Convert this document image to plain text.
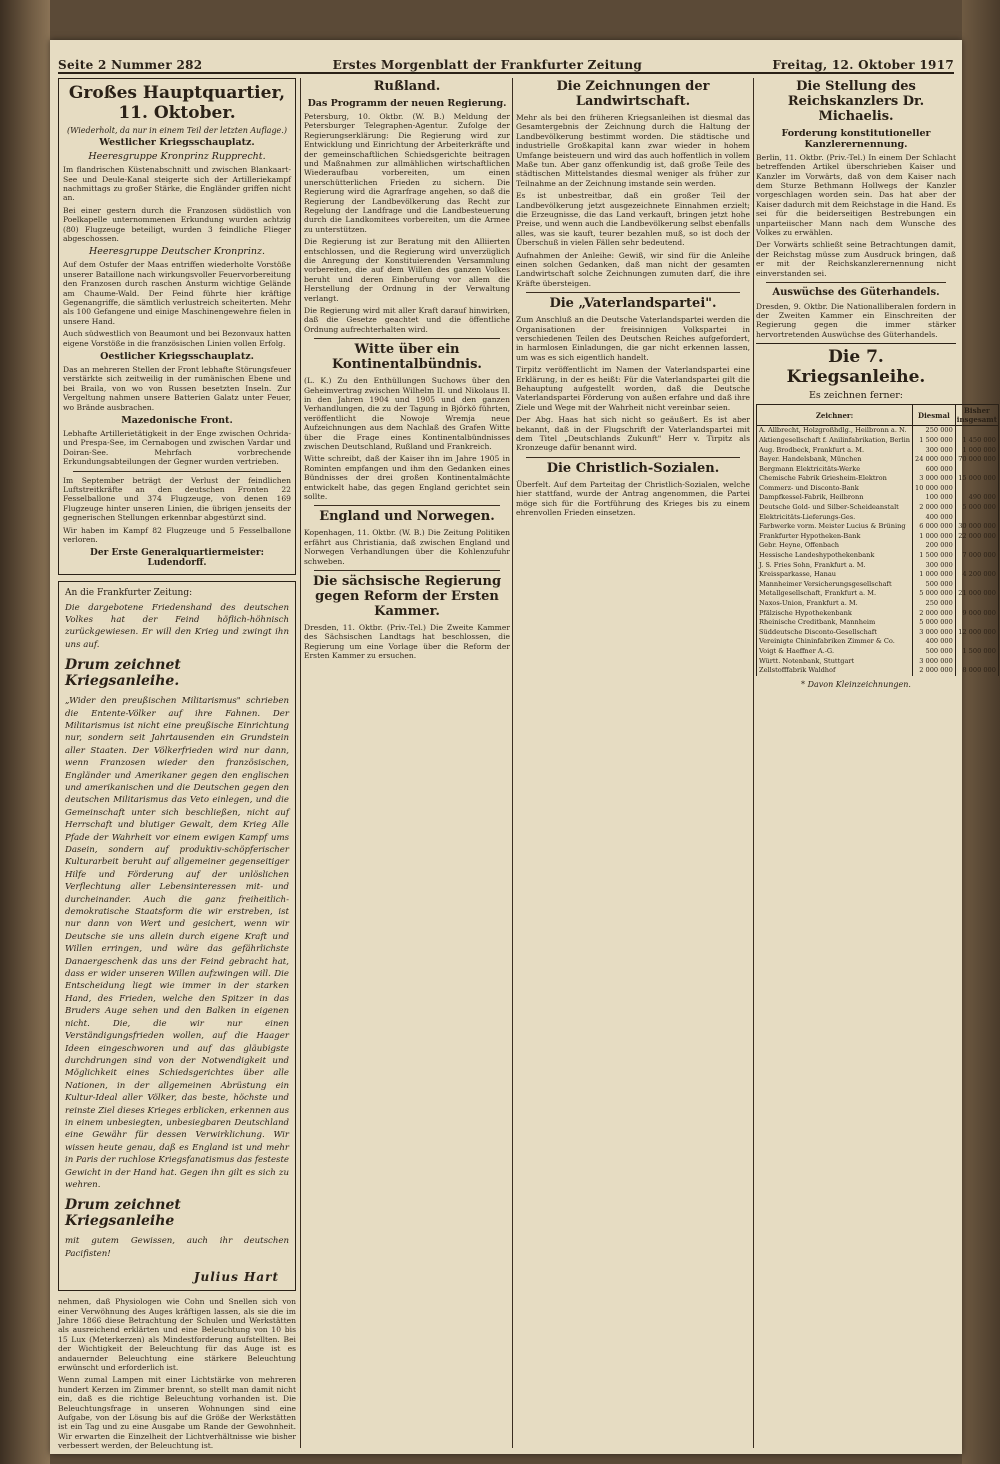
Seite 2 Nummer 282	Erstes Morgenblatt der Frankfurter Zeitung	Freitag, 12. Oktober 1917
Großes Hauptquartier, 11. Oktober.
(Wiederholt, da nur in einem Teil der letzten Auflage.)
Westlicher Kriegsschauplatz.
Heeresgruppe Kronprinz Rupprecht.

Im flandrischen Küstenabschnitt und zwischen Blankaart-See und Deule-Kanal steigerte sich der Artilleriekampf nachmittags zu großer Stärke, die Engländer griffen nicht an.

Bei einer gestern durch die Franzosen südöstlich von Poelkapelle unternommenen Erkundung wurden achtzig (80) Flugzeuge beteiligt, wurden 3 feindliche Flieger abgeschossen.

Heeresgruppe Deutscher Kronprinz.

Auf dem Ostufer der Maas entriffen wiederholte Vorstöße unserer Bataillone nach wirkungsvoller Feuervorbereitung den Franzosen durch raschen Ansturm wichtige Gelände am Chaume-Wald. Der Feind führte hier kräftige Gegenangriffe, die sämtlich verlustreich scheiterten. Mehr als 100 Gefangene und einige Maschinengewehre fielen in unsere Hand.

Auch südwestlich von Beaumont und bei Bezonvaux hatten eigene Vorstöße in die französischen Linien vollen Erfolg.

Oestlicher Kriegsschauplatz.

Das an mehreren Stellen der Front lebhafte Störungsfeuer verstärkte sich zeitweilig in der rumänischen Ebene und bei Braila, von wo von Russen besetzten Inseln. Zur Vergeltung nahmen unsere Batterien Galatz unter Feuer, wo Brände ausbrachen.

Mazedonische Front.

Lebhafte Artillerietätigkeit in der Enge zwischen Ochrida- und Prespa-See, im Cernabogen und zwischen Vardar und Doiran-See. Mehrfach vorbrechende Erkundungsabteilungen der Gegner wurden vertrieben.

Im September beträgt der Verlust der feindlichen Luftstreitkräfte an den deutschen Fronten 22 Fesselballone und 374 Flugzeuge, von denen 169 Flugzeuge hinter unseren Linien, die übrigen jenseits der gegnerischen Stellungen erkennbar abgestürzt sind.

Wir haben im Kampf 82 Flugzeuge und 5 Fesselballone verloren.

Der Erste Generalquartiermeister: Ludendorff.
An die Frankfurter Zeitung:
Die dargebotene Friedenshand des deutschen Volkes hat der Feind höflich-höhnisch zurückgewiesen. Er will den Krieg und zwingt ihn uns auf.
Drum zeichnet Kriegsanleihe.
„Wider den preußischen Militarismus" schrieben die Entente-Völker auf ihre Fahnen. Der Militarismus ist nicht eine preußische Einrichtung nur, sondern seit Jahrtausenden ein Grundstein aller Staaten. Der Völkerfrieden wird nur dann, wenn Franzosen wieder den französischen, Engländer und Amerikaner gegen den englischen und amerikanischen und die Deutschen gegen den deutschen Militarismus das Veto einlegen, und die Gemeinschaft unter sich beschließen, nicht auf Herrschaft und blutiger Gewalt, dem Krieg Alle Pfade der Wahrheit vor einem ewigen Kampf ums Dasein, sondern auf produktiv-schöpferischer Kulturarbeit beruht auf allgemeiner gegenseitiger Hilfe und Förderung auf der unlöslichen Verflechtung aller Lebensinteressen mit- und durcheinander. Auch die ganz freiheitlich-demokratische Staatsform die wir erstreben, ist nur dann von Wert und gesichert, wenn wir Deutsche sie uns allein durch eigene Kraft und Willen erringen, und wäre das gefährlichste Danaergeschenk das uns der Feind gebracht hat, dass er wider unseren Willen aufzwingen will. Die Entscheidung liegt wie immer in der starken Hand, des Frieden, welche den Spitzer in das Bruders Auge sehen und den Balken in eigenen nicht. Die, die wir nur einen Verständigungsfrieden wollen, auf die Haager Ideen eingeschworen und auf das gläubigste durchdrungen sind von der Notwendigkeit und Möglichkeit eines Schiedsgerichtes über alle Nationen, in der allgemeinen Abrüstung ein Kultur-Ideal aller Völker, das beste, höchste und reinste Ziel dieses Krieges erblicken, erkennen aus in einem unbesiegten, unbesiegbaren Deutschland eine Gewähr für dessen Verwirklichung. Wir wissen heute genau, daß es England ist und mehr in Paris der ruchlose Kriegsfanatismus das festeste Gewicht in der Hand hat. Gegen ihn gilt es sich zu wehren.
Drum zeichnet Kriegsanleihe
mit gutem Gewissen, auch ihr deutschen Pacifisten!
Julius Hart

nehmen, daß Physiologen wie Cohn und Snellen sich von einer Verwöhnung des Auges kräftigen lassen, als sie die im Jahre 1866 diese Betrachtung der Schulen und Werkstätten als ausreichend erklärten und eine Beleuchtung von 10 bis 15 Lux (Meterkerzen) als Mindestforderung aufstellten. Bei der Wichtigkeit der Beleuchtung für das Auge ist es andauernder Beleuchtung eine stärkere Beleuchtung erwünscht und erforderlich ist.

Wenn zumal Lampen mit einer Lichtstärke von mehreren hundert Kerzen im Zimmer brennt, so stellt man damit nicht ein, daß es die richtige Beleuchtung vorhanden ist. Die Beleuchtungsfrage in unseren Wohnungen sind eine Aufgabe, von der Lösung bis auf die Größe der Werkstätten ist ein Tag und zu eine Ausgabe um Rande der Gewohnheit. Wir erwarten die Einzelheit der Lichtverhältnisse wie bisher verbessert werden, der Beleuchtung ist.

Rußland.
Das Programm der neuen Regierung.

Petersburg, 10. Oktbr. (W. B.) Meldung der Petersburger Telegraphen-Agentur. Zufolge der Regierungserklärung: Die Regierung wird zur Entwicklung und Einrichtung der Arbeiterkräfte und der gemeinschaftlichen Schiedsgerichte beitragen und Maßnahmen zur allmählichen wirtschaftlichen Wiederaufbau vorbereiten, um einen unerschütterlichen Frieden zu sichern. Die Regierung wird die Agrarfrage angehen, so daß die Regierung der Landbevölkerung das Recht zur Regelung der Landfrage und die Landbesteuerung durch die Landkomitees vorbereiten, um die Armee zu unterstützen.

Die Regierung ist zur Beratung mit den Alliierten entschlossen, und die Regierung wird unverzüglich die Anregung der Konstituierenden Versammlung vorbereiten, die auf dem Willen des ganzen Volkes beruht und deren Einberufung vor allem die Herstellung der Ordnung in der Verwaltung verlangt.

Die Regierung wird mit aller Kraft darauf hinwirken, daß die Gesetze geachtet und die öffentliche Ordnung aufrechterhalten wird.

Witte über ein Kontinentalbündnis.

(L. K.) Zu den Enthüllungen Suchows über den Geheimvertrag zwischen Wilhelm II. und Nikolaus II. in den Jahren 1904 und 1905 und den ganzen Verhandlungen, die zu der Tagung in Björkö führten, veröffentlicht die Nowoje Wremja neue Aufzeichnungen aus dem Nachlaß des Grafen Witte über die Frage eines Kontinentalbündnisses zwischen Deutschland, Rußland und Frankreich.

Witte schreibt, daß der Kaiser ihn im Jahre 1905 in Rominten empfangen und ihm den Gedanken eines Bündnisses der drei großen Kontinentalmächte entwickelt habe, das gegen England gerichtet sein sollte.

England und Norwegen.

Kopenhagen, 11. Oktbr. (W. B.) Die Zeitung Politiken erfährt aus Christiania, daß zwischen England und Norwegen Verhandlungen über die Kohlenzufuhr schweben.

Die sächsische Regierung gegen Reform der Ersten Kammer.

Dresden, 11. Oktbr. (Priv.-Tel.) Die Zweite Kammer des Sächsischen Landtags hat beschlossen, die Regierung um eine Vorlage über die Reform der Ersten Kammer zu ersuchen.

Die Zeichnungen der Landwirtschaft.

Mehr als bei den früheren Kriegsanleihen ist diesmal das Gesamtergebnis der Zeichnung durch die Haltung der Landbevölkerung bestimmt worden. Die städtische und industrielle Großkapital kann zwar wieder in hohem Umfange beisteuern und wird das auch hoffentlich in vollem Maße tun. Aber ganz offenkundig ist, daß große Teile des städtischen Mittelstandes diesmal weniger als früher zur Teilnahme an der Zeichnung imstande sein werden.

Es ist unbestreitbar, daß ein großer Teil der Landbevölkerung jetzt ausgezeichnete Einnahmen erzielt; die Erzeugnisse, die das Land verkauft, bringen jetzt hohe Preise, und wenn auch die Landbevölkerung selbst ebenfalls alles, was sie kauft, teurer bezahlen muß, so ist doch der Überschuß in vielen Fällen sehr bedeutend.

Aufnahmen der Anleihe: Gewiß, wir sind für die Anleihe einen solchen Gedanken, daß man nicht der gesamten Landwirtschaft solche Zeichnungen zumuten darf, die ihre Kräfte übersteigen.

Die „Vaterlandspartei".

Zum Anschluß an die Deutsche Vaterlandspartei werden die Organisationen der freisinnigen Volkspartei in verschiedenen Teilen des Deutschen Reiches aufgefordert, in harmlosen Einladungen, die gar nicht erkennen lassen, um was es sich eigentlich handelt.

Tirpitz veröffentlicht im Namen der Vaterlandspartei eine Erklärung, in der es heißt: Für die Vaterlandspartei gilt die Behauptung aufgestellt worden, daß die Deutsche Vaterlandspartei Förderung von außen erfahre und daß ihre Ziele und Wege mit der Wahrheit nicht vereinbar seien.

Der Abg. Haas hat sich nicht so geäußert. Es ist aber bekannt, daß in der Flugschrift der Vaterlandspartei mit dem Titel „Deutschlands Zukunft" Herr v. Tirpitz als Kronzeuge dafür benannt wird.

Die Christlich-Sozialen.

Überfelt. Auf dem Parteitag der Christlich-Sozialen, welche hier stattfand, wurde der Antrag angenommen, die Partei möge sich für die Fortführung des Krieges bis zu einem ehrenvollen Frieden einsetzen.

Die Stellung des Reichskanzlers Dr. Michaelis.
Forderung konstitutioneller Kanzlerernennung.

Berlin, 11. Oktbr. (Priv.-Tel.) In einem Der Schlacht betreffenden Artikel überschrieben Kaiser und Kanzler im Vorwärts, daß von dem Kaiser nach dem Sturze Bethmann Hollwegs der Kanzler vorgeschlagen worden sein. Das hat aber der Kaiser dadurch mit dem Reichstage in die Hand. Es sei für die beiderseitigen Bestrebungen ein unparteiischer Mann nach dem Wunsche des Volkes zu erwählen.

Der Vorwärts schließt seine Betrachtungen damit, der Reichstag müsse zum Ausdruck bringen, daß er mit der Reichskanzlerernennung nicht einverstanden sei.

Auswüchse des Güterhandels.

Dresden, 9. Oktbr. Die Nationalliberalen fordern in der Zweiten Kammer ein Einschreiten der Regierung gegen die immer stärker hervortretenden Auswüchse des Güterhandels.

Die 7. Kriegsanleihe.
Es zeichnen ferner:
Zeichner:	Diesmal	Bisher insgesamt
A. Allbrecht, Holzgroßhdlg., Heilbronn a. N.	250 000	
Aktiengesellschaft f. Anilinfabrikation, Berlin	1 500 000	1 450 000
Aug. Brodbeck, Frankfurt a. M.	300 000	1 000 000
Bayer. Handelsbank, München	24 000 000	70 000 000
Bergmann Elektricitäts-Werke	600 000	
Chemische Fabrik Griesheim-Elektron	3 000 000	15 000 000
Commerz- und Disconto-Bank	10 000 000	
Dampfkessel-Fabrik, Heilbronn	100 000	490 000
Deutsche Gold- und Silber-Scheideanstalt	2 000 000	5 000 000
Elektricitäts-Lieferungs-Ges.	400 000	
Farbwerke vorm. Meister Lucius & Brüning	6 000 000	30 000 000
Frankfurter Hypotheken-Bank	1 000 000	22 000 000
Gebr. Heyne, Offenbach	200 000	
Hessische Landeshypothekenbank	1 500 000	7 000 000
J. S. Fries Sohn, Frankfurt a. M.	300 000	
Kreissparkasse, Hanau	1 000 000	4 200 000
Mannheimer Versicherungsgesellschaft	500 000	
Metallgesellschaft, Frankfurt a. M.	5 000 000	21 000 000
Naxos-Union, Frankfurt a. M.	250 000	
Pfälzische Hypothekenbank	2 000 000	9 000 000
Rheinische Creditbank, Mannheim	5 000 000	
Süddeutsche Disconto-Gesellschaft	3 000 000	12 000 000
Vereinigte Chininfabriken Zimmer & Co.	400 000	
Voigt & Haeffner A.-G.	500 000	1 500 000
Württ. Notenbank, Stuttgart	3 000 000	
Zellstofffabrik Waldhof	2 000 000	8 000 000
* Davon Kleinzeichnungen.
